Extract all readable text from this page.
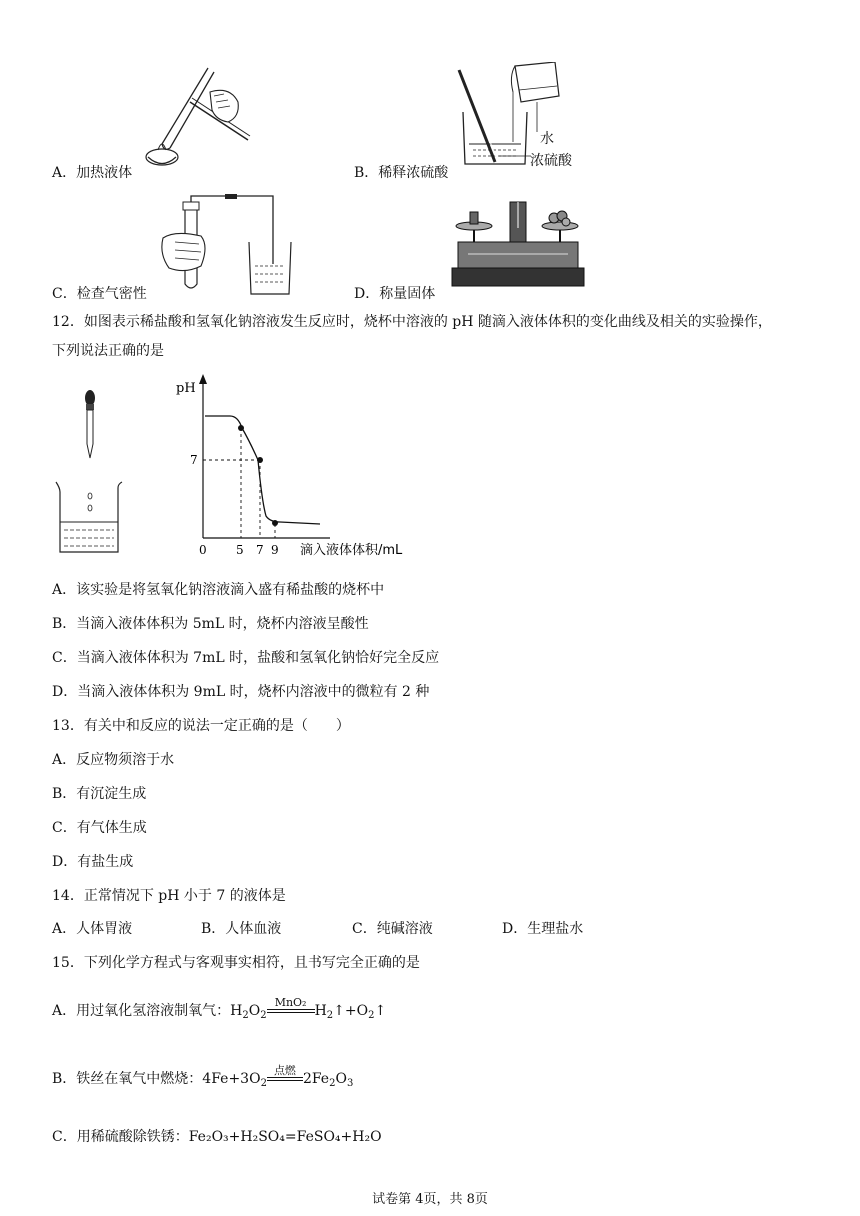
A．加热液体
水
浓硫酸
B．稀释浓硫酸
C．检查气密性	D．称量固体
12．如图表示稀盐酸和氢氧化钠溶液发生反应时，烧杯中溶液的 pH 随滴入液体体积的变化曲线及相关的实验操作，
下列说法正确的是
pH
7
0 5 7 9 滴入液体体积/mL
A．该实验是将氢氧化钠溶液滴入盛有稀盐酸的烧杯中
B．当滴入液体体积为 5mL 时，烧杯内溶液呈酸性
C．当滴入液体体积为 7mL 时，盐酸和氢氧化钠恰好完全反应
D．当滴入液体体积为 9mL 时，烧杯内溶液中的微粒有 2 种
13．有关中和反应的说法一定正确的是（　　）
A．反应物须溶于水
B．有沉淀生成
C．有气体生成
D．有盐生成
14．正常情况下 pH 小于 7 的液体是
A．人体胃液	B．人体血液	C．纯碱溶液	D．生理盐水
15．下列化学方程式与客观事实相符，且书写完全正确的是
A．用过氧化氢溶液制氧气：$H_2O_2$
MnO₂
$H_2↑+O_2↑$
B．铁丝在氧气中燃烧：$4Fe+3O_2$
点燃
$2Fe_2O_3$
C．用稀硫酸除铁锈：Fe₂O₃+H₂SO₄=FeSO₄+H₂O
试卷第 4页，共 8页
